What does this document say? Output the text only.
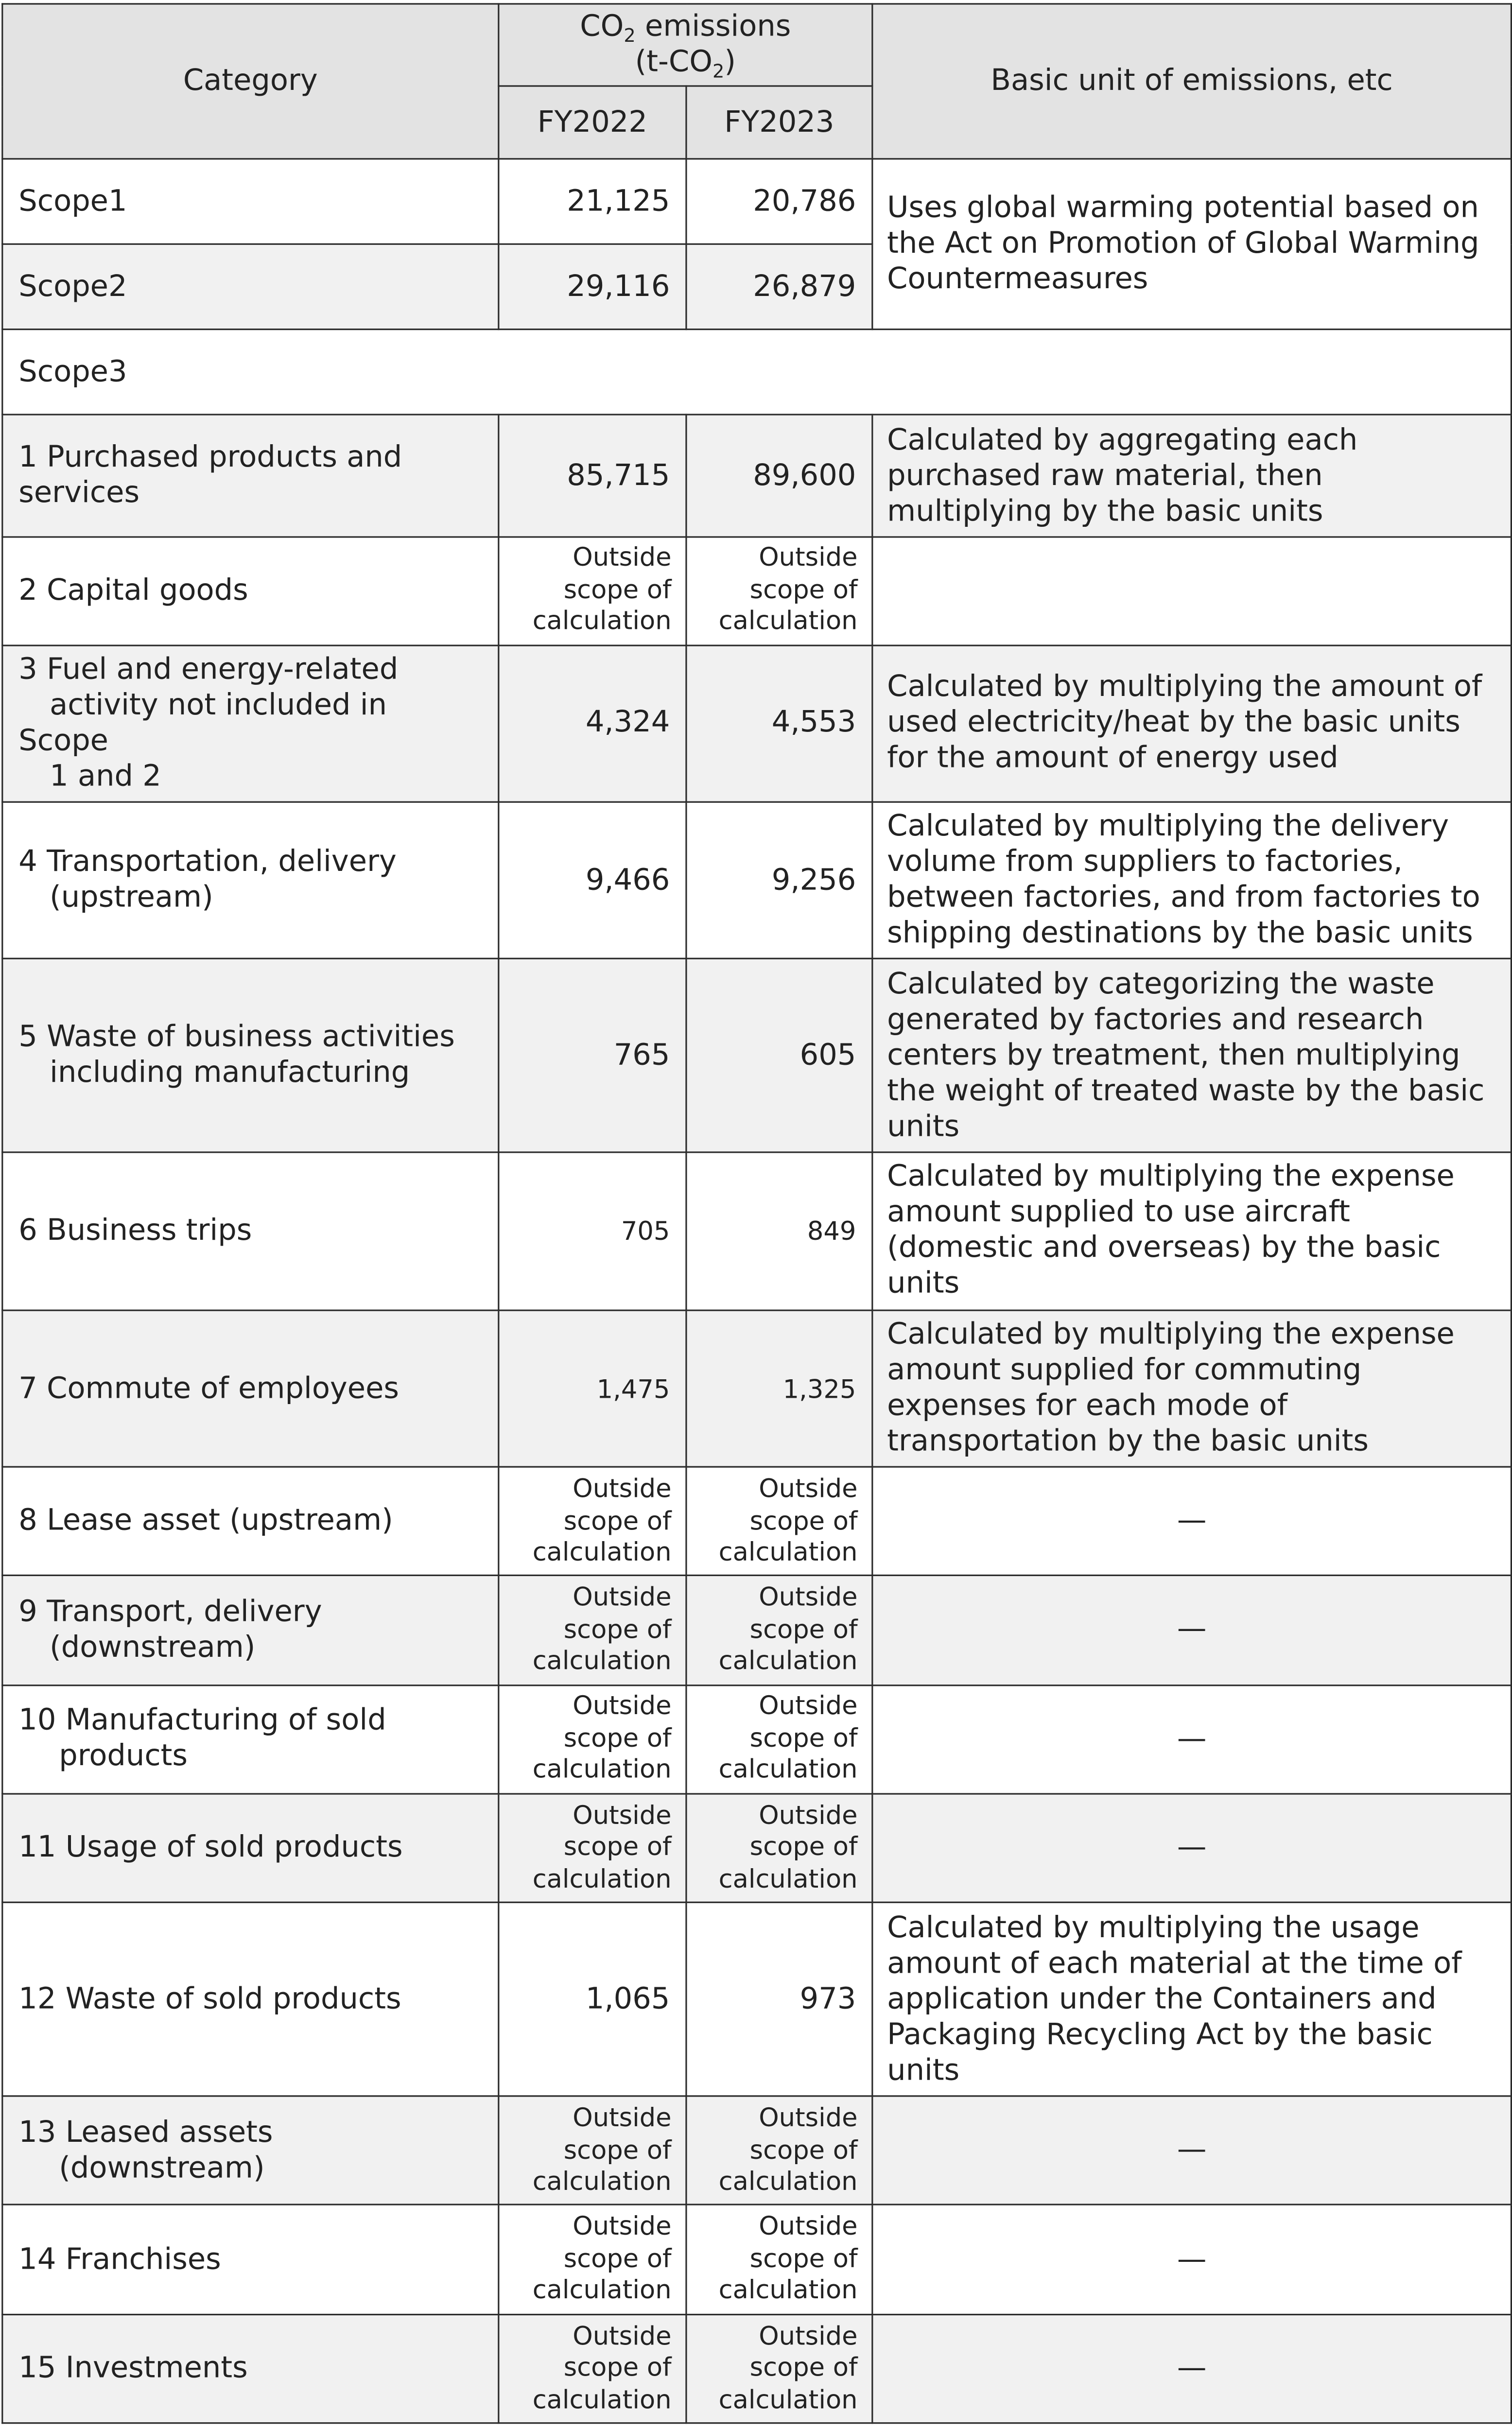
Category	$CO_2$ emissions
$(t-CO_2)$		Basic unit of emissions, etc
	FY2022	FY2023	
Scope1	21,125	20,786	Uses global warming potential based on the Act on Promotion of Global Warming Countermeasures
Scope2	29,116	26,879	
Scope3			
1 Purchased products and services	85,715	89,600	Calculated by aggregating each purchased raw material, then multiplying by the basic units
2 Capital goods	Outside scope of calculation	Outside scope of calculation	
3 Fuel and energy-related
activity not included in
Scope
1 and 2	4,324	4,553	Calculated by multiplying the amount of used electricity/heat by the basic units for the amount of energy used
4 Transportation, delivery
(upstream)	9,466	9,256	Calculated by multiplying the delivery volume from suppliers to factories, between factories, and from factories to shipping destinations by the basic units
5 Waste of business activities
including manufacturing	765	605	Calculated by categorizing the waste generated by factories and research centers by treatment, then multiplying the weight of treated waste by the basic units
6 Business trips	705	849	Calculated by multiplying the expense amount supplied to use aircraft (domestic and overseas) by the basic units
7 Commute of employees	1,475	1,325	Calculated by multiplying the expense amount supplied for commuting expenses for each mode of transportation by the basic units
8 Lease asset (upstream)	Outside scope of calculation	Outside scope of calculation	—
9 Transport, delivery
(downstream)	Outside scope of calculation	Outside scope of calculation	—
10 Manufacturing of sold
products	Outside scope of calculation	Outside scope of calculation	—
11 Usage of sold products	Outside scope of calculation	Outside scope of calculation	—
12 Waste of sold products	1,065	973	Calculated by multiplying the usage amount of each material at the time of application under the Containers and Packaging Recycling Act by the basic units
13 Leased assets
(downstream)	Outside scope of calculation	Outside scope of calculation	—
14 Franchises	Outside scope of calculation	Outside scope of calculation	—
15 Investments	Outside scope of calculation	Outside scope of calculation	—
